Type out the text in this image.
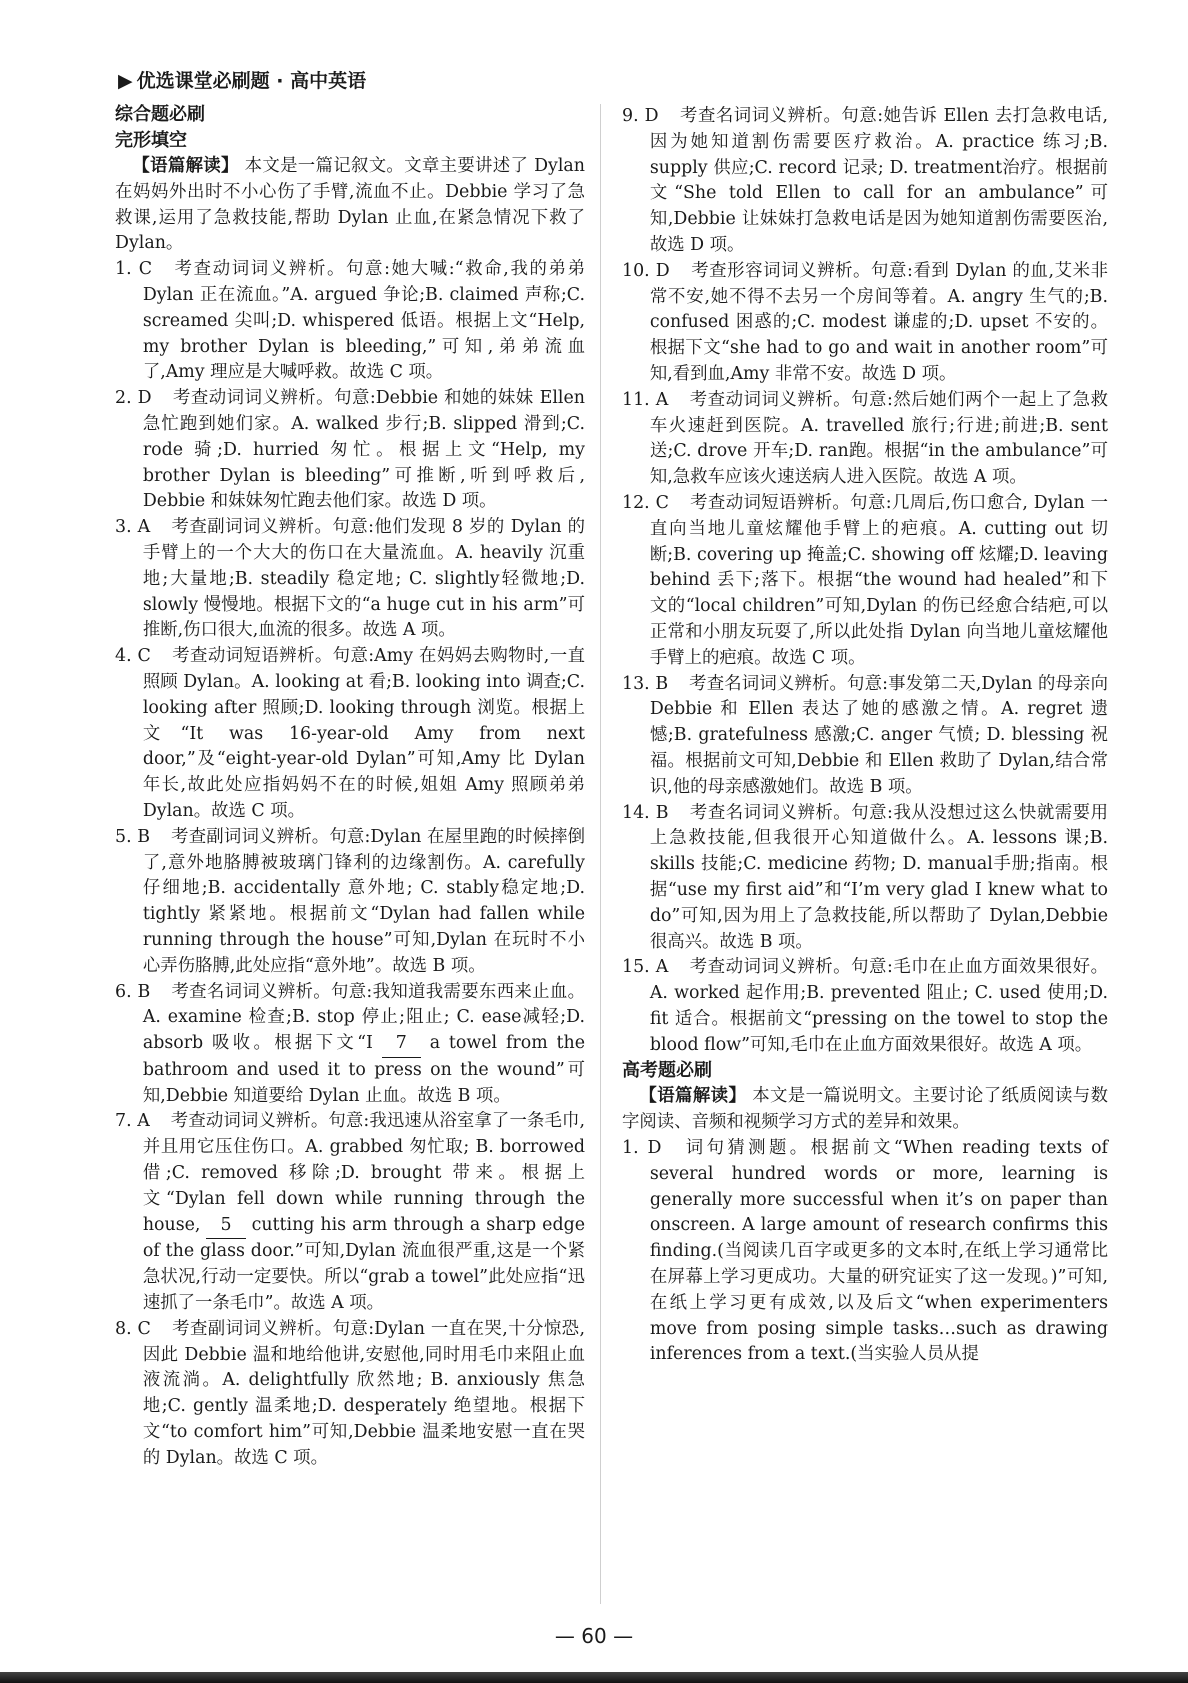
▶ 优选课堂必刷题 · 高中英语
综合题必刷
完形填空
【语篇解读】 本文是一篇记叙文。文章主要讲述了 Dylan 在妈妈外出时不小心伤了手臂,流血不止。Debbie 学习了急救课,运用了急救技能,帮助 Dylan 止血,在紧急情况下救了 Dylan。
1. C 考查动词词义辨析。句意:她大喊:“救命,我的弟弟 Dylan 正在流血。”A. argued 争论;B. claimed 声称;C. screamed 尖叫;D. whispered 低语。根据上文“Help, my brother Dylan is bleeding,”可知,弟弟流血了,Amy 理应是大喊呼救。故选 C 项。
2. D 考查动词词义辨析。句意:Debbie 和她的妹妹 Ellen 急忙跑到她们家。A. walked 步行;B. slipped 滑到;C. rode 骑;D. hurried 匆忙。根据上文“Help, my brother Dylan is bleeding”可推断,听到呼救后, Debbie 和妹妹匆忙跑去他们家。故选 D 项。
3. A 考查副词词义辨析。句意:他们发现 8 岁的 Dylan 的手臂上的一个大大的伤口在大量流血。A. heavily 沉重地;大量地;B. steadily 稳定地; C. slightly轻微地;D. slowly 慢慢地。根据下文的“a huge cut in his arm”可推断,伤口很大,血流的很多。故选 A 项。
4. C 考查动词短语辨析。句意:Amy 在妈妈去购物时,一直照顾 Dylan。A. looking at 看;B. looking into 调查;C. looking after 照顾;D. looking through 浏览。根据上文“It was 16-year-old Amy from next door,”及“eight-year-old Dylan”可知,Amy 比 Dylan 年长,故此处应指妈妈不在的时候,姐姐 Amy 照顾弟弟 Dylan。故选 C 项。
5. B 考查副词词义辨析。句意:Dylan 在屋里跑的时候摔倒了,意外地胳膊被玻璃门锋利的边缘割伤。A. carefully 仔细地;B. accidentally 意外地; C. stably稳定地;D. tightly 紧紧地。根据前文“Dylan had fallen while running through the house”可知,Dylan 在玩时不小心弄伤胳膊,此处应指“意外地”。故选 B 项。
6. B 考查名词词义辨析。句意:我知道我需要东西来止血。A. examine 检查;B. stop 停止;阻止; C. ease减轻;D. absorb 吸收。根据下文“I 7 a towel from the bathroom and used it to press on the wound”可知,Debbie 知道要给 Dylan 止血。故选 B 项。
7. A 考查动词词义辨析。句意:我迅速从浴室拿了一条毛巾,并且用它压住伤口。A. grabbed 匆忙取; B. borrowed 借;C. removed 移除;D. brought 带来。根据上文“Dylan fell down while running through the house, 5 cutting his arm through a sharp edge of the glass door.”可知,Dylan 流血很严重,这是一个紧急状况,行动一定要快。所以“grab a towel”此处应指“迅速抓了一条毛巾”。故选 A 项。
8. C 考查副词词义辨析。句意:Dylan 一直在哭,十分惊恐,因此 Debbie 温和地给他讲,安慰他,同时用毛巾来阻止血液流淌。A. delightfully 欣然地; B. anxiously 焦急地;C. gently 温柔地;D. desperately 绝望地。根据下文“to comfort him”可知,Debbie 温柔地安慰一直在哭的 Dylan。故选 C 项。
9. D 考查名词词义辨析。句意:她告诉 Ellen 去打急救电话,因为她知道割伤需要医疗救治。A. practice 练习;B. supply 供应;C. record 记录; D. treatment治疗。根据前文“She told Ellen to call for an ambulance”可知,Debbie 让妹妹打急救电话是因为她知道割伤需要医治,故选 D 项。
10. D 考查形容词词义辨析。句意:看到 Dylan 的血,艾米非常不安,她不得不去另一个房间等着。A. angry 生气的;B. confused 困惑的;C. modest 谦虚的;D. upset 不安的。根据下文“she had to go and wait in another room”可知,看到血,Amy 非常不安。故选 D 项。
11. A 考查动词词义辨析。句意:然后她们两个一起上了急救车火速赶到医院。A. travelled 旅行;行进;前进;B. sent 送;C. drove 开车;D. ran跑。根据“in the ambulance”可知,急救车应该火速送病人进入医院。故选 A 项。
12. C 考查动词短语辨析。句意:几周后,伤口愈合, Dylan 一直向当地儿童炫耀他手臂上的疤痕。A. cutting out 切断;B. covering up 掩盖;C. showing off 炫耀;D. leaving behind 丢下;落下。根据“the wound had healed”和下文的“local children”可知,Dylan 的伤已经愈合结疤,可以正常和小朋友玩耍了,所以此处指 Dylan 向当地儿童炫耀他手臂上的疤痕。故选 C 项。
13. B 考查名词词义辨析。句意:事发第二天,Dylan 的母亲向 Debbie 和 Ellen 表达了她的感激之情。A. regret 遗憾;B. gratefulness 感激;C. anger 气愤; D. blessing 祝福。根据前文可知,Debbie 和 Ellen 救助了 Dylan,结合常识,他的母亲感激她们。故选 B 项。
14. B 考查名词词义辨析。句意:我从没想过这么快就需要用上急救技能,但我很开心知道做什么。A. lessons 课;B. skills 技能;C. medicine 药物; D. manual手册;指南。根据“use my first aid”和“I’m very glad I knew what to do”可知,因为用上了急救技能,所以帮助了 Dylan,Debbie 很高兴。故选 B 项。
15. A 考查动词词义辨析。句意:毛巾在止血方面效果很好。A. worked 起作用;B. prevented 阻止; C. used 使用;D. fit 适合。根据前文“pressing on the towel to stop the blood flow”可知,毛巾在止血方面效果很好。故选 A 项。
高考题必刷
【语篇解读】 本文是一篇说明文。主要讨论了纸质阅读与数字阅读、音频和视频学习方式的差异和效果。
1. D 词句猜测题。根据前文“When reading texts of several hundred words or more, learning is generally more successful when it’s on paper than onscreen. A large amount of research confirms this finding.(当阅读几百字或更多的文本时,在纸上学习通常比在屏幕上学习更成功。大量的研究证实了这一发现。)”可知,在纸上学习更有成效,以及后文“when experimenters move from posing simple tasks…such as drawing inferences from a text.(当实验人员从提
— 60 —
